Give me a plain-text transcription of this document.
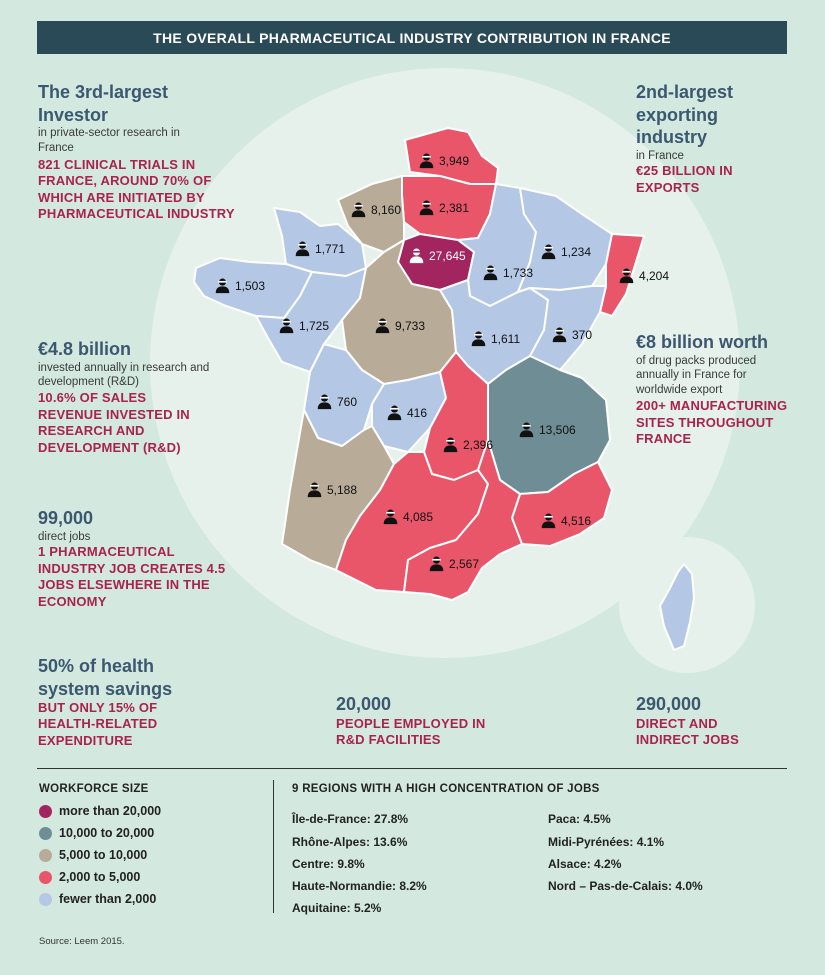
THE OVERALL PHARMACEUTICAL INDUSTRY CONTRIBUTION IN FRANCE
3,949
2,381
8,160
1,771	27,645
1,733
1,234
4,204
1,503
1,725	9,733
1,611	370
760
416
2,396
13,506
5,188
4,085	4,516
2,567
The 3rd-largest Investor
in private-sector research in France
821 CLINICAL TRIALS IN FRANCE, AROUND 70% OF WHICH ARE INITIATED BY PHARMACEUTICAL INDUSTRY
2nd-largest exporting industry
in France
€25 BILLION IN EXPORTS
€4.8 billion
invested annually in research and development (R&D)
10.6% OF SALES REVENUE INVESTED IN RESEARCH AND DEVELOPMENT (R&D)
€8 billion worth
of drug packs produced annually in France for worldwide export
200+ MANUFACTURING SITES THROUGHOUT FRANCE
99,000
direct jobs
1 PHARMACEUTICAL INDUSTRY JOB CREATES 4.5 JOBS ELSEWHERE IN THE ECONOMY
50% of health system savings
BUT ONLY 15% OF HEALTH-RELATED EXPENDITURE
20,000
PEOPLE EMPLOYED IN R&D FACILITIES
290,000
DIRECT AND INDIRECT JOBS
WORKFORCE SIZE
more than 20,000
10,000 to 20,000
5,000 to 10,000
2,000 to 5,000
fewer than 2,000
9 REGIONS WITH A HIGH CONCENTRATION OF JOBS
Île-de-France: 27.8%
Rhône-Alpes: 13.6%
Centre: 9.8%
Haute-Normandie: 8.2%
Aquitaine: 5.2%
Paca: 4.5%
Midi-Pyrénées: 4.1%
Alsace: 4.2%
Nord – Pas-de-Calais: 4.0%
Source: Leem 2015.
